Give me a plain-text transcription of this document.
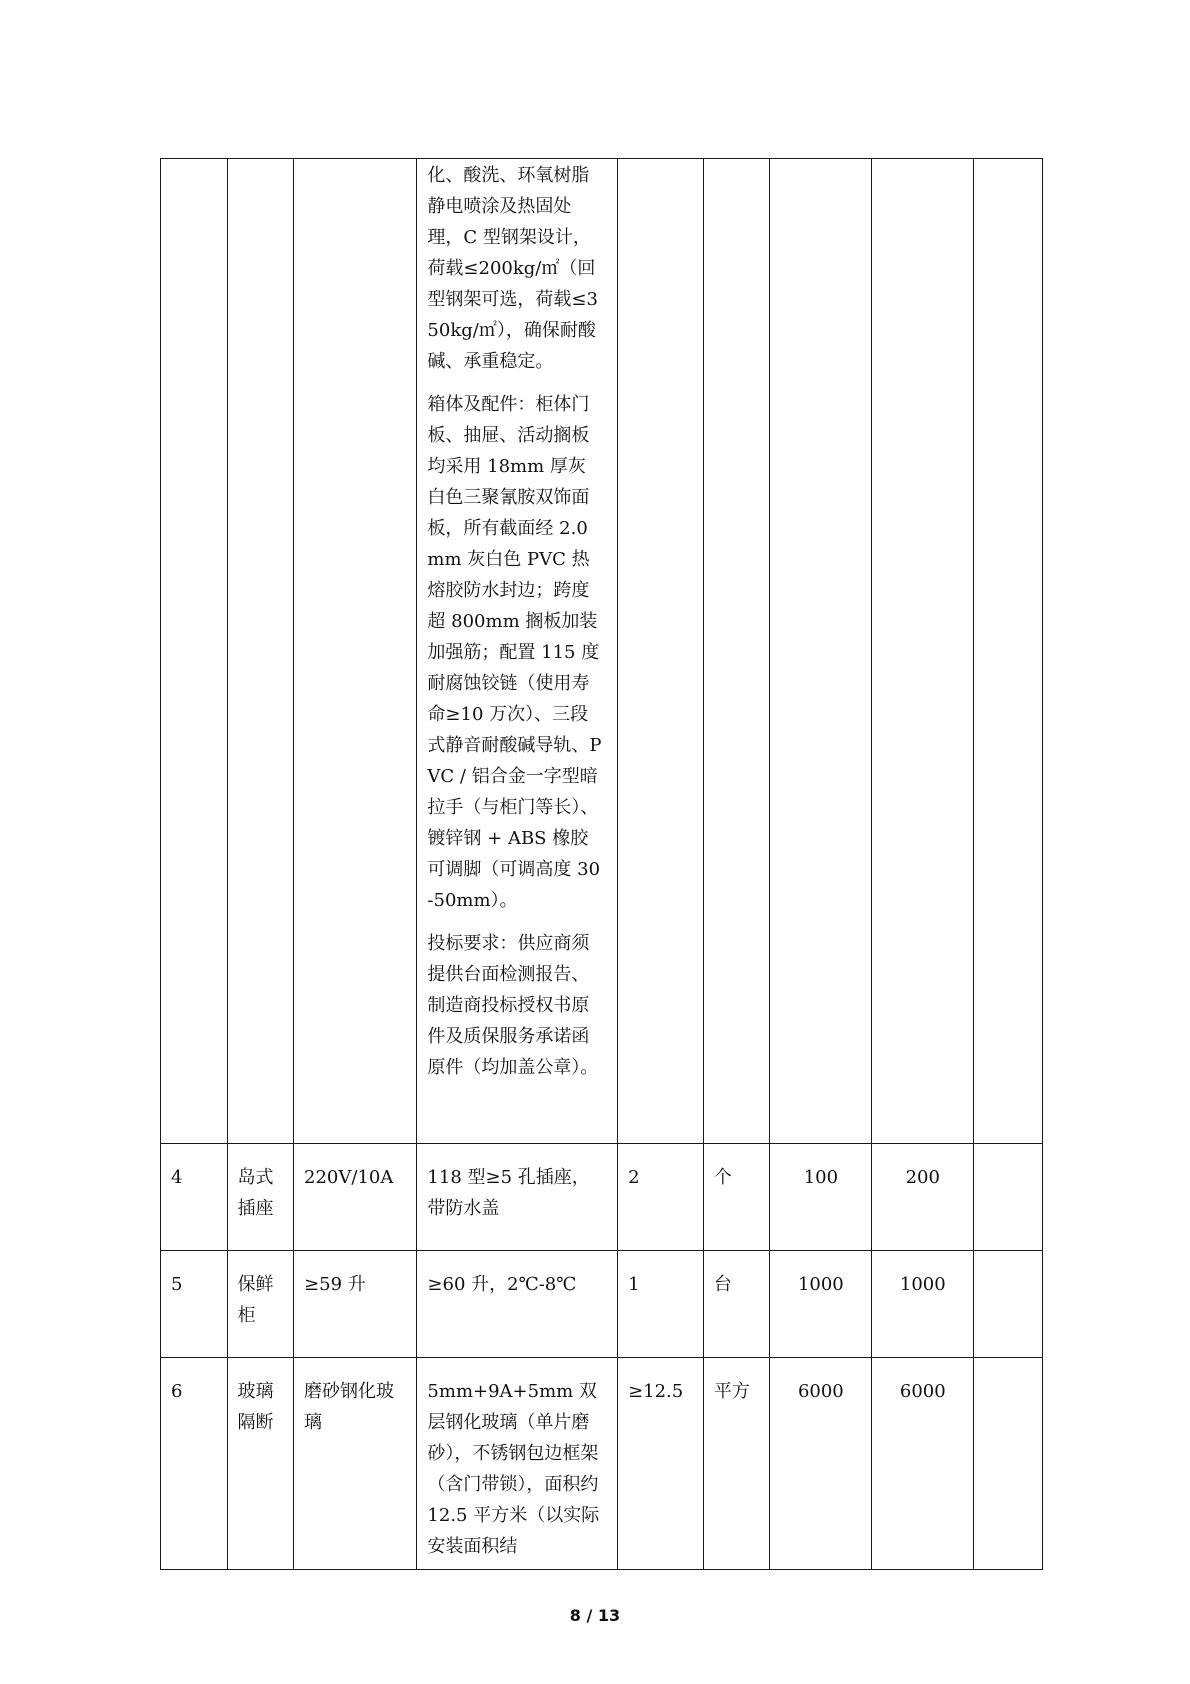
			化、酸洗、环氧树脂静电喷涂及热固处理，C 型钢架设计，荷载≤200kg/㎡（回型钢架可选，荷载≤350kg/㎡），确保耐酸碱、承重稳定。

箱体及配件：柜体门板、抽屉、活动搁板均采用 18mm 厚灰白色三聚氰胺双饰面板，所有截面经 2.0mm 灰白色 PVC 热熔胶防水封边；跨度超 800mm 搁板加装加强筋；配置 115 度耐腐蚀铰链（使用寿命≥10 万次）、三段式静音耐酸碱导轨、PVC / 铝合金一字型暗拉手（与柜门等长）、镀锌钢 + ABS 橡胶可调脚（可调高度 30-50mm）。

投标要求：供应商须提供台面检测报告、制造商投标授权书原件及质保服务承诺函原件（均加盖公章）。					

4	岛式插座	220V/10A	118 型≥5 孔插座，带防水盖	2	个	100	200	
5	保鲜柜	≥59 升	≥60 升，2℃-8℃	1	台	1000	1000	
6	玻璃隔断	磨砂钢化玻璃	5mm+9A+5mm 双层钢化玻璃（单片磨砂），不锈钢包边框架（含门带锁），面积约 12.5 平方米（以实际安装面积结	≥12.5	平方	6000	6000	
8 / 13
